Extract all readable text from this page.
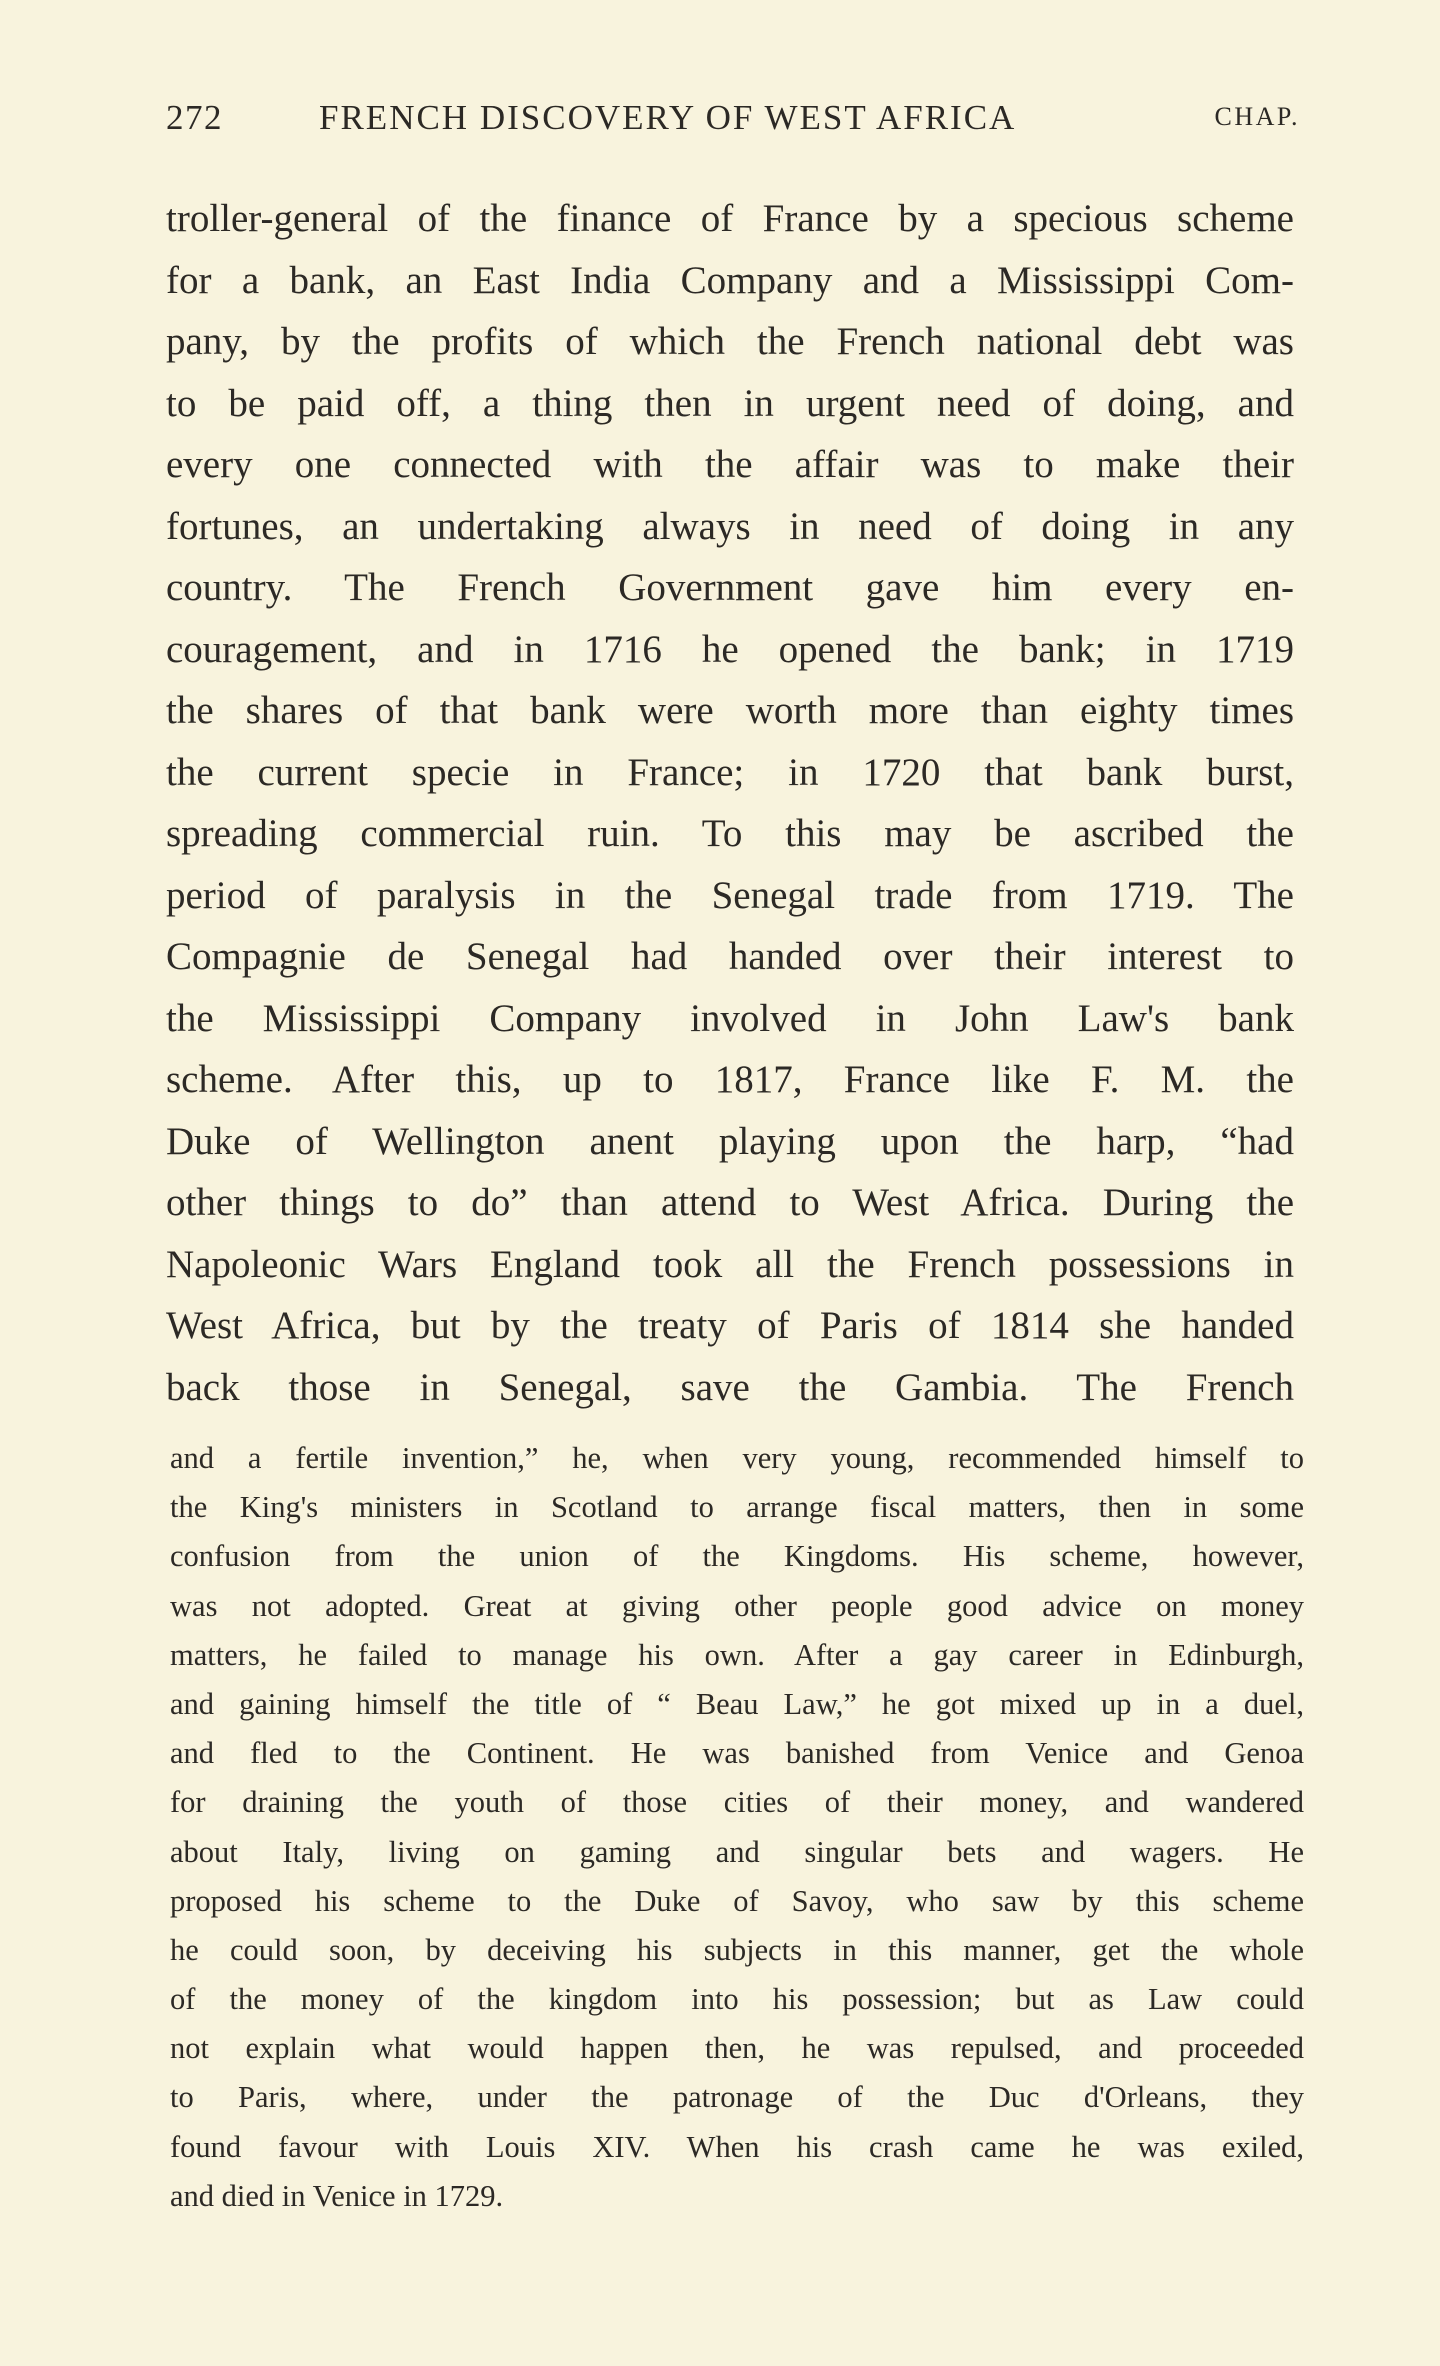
272	FRENCH DISCOVERY OF WEST AFRICA	CHAP.
troller-general of the finance of France by a specious scheme
for a bank, an East India Company and a Mississippi Com-
pany, by the profits of which the French national debt was
to be paid off, a thing then in urgent need of doing, and
every one connected with the affair was to make their
fortunes, an undertaking always in need of doing in any
country. The French Government gave him every en-
couragement, and in 1716 he opened the bank; in 1719
the shares of that bank were worth more than eighty times
the current specie in France; in 1720 that bank burst,
spreading commercial ruin. To this may be ascribed the
period of paralysis in the Senegal trade from 1719. The
Compagnie de Senegal had handed over their interest to
the Mississippi Company involved in John Law's bank
scheme. After this, up to 1817, France like F. M. the
Duke of Wellington anent playing upon the harp, “had
other things to do” than attend to West Africa. During the
Napoleonic Wars England took all the French possessions in
West Africa, but by the treaty of Paris of 1814 she handed
back those in Senegal, save the Gambia. The French
and a fertile invention,” he, when very young, recommended himself to
the King's ministers in Scotland to arrange fiscal matters, then in some
confusion from the union of the Kingdoms. His scheme, however,
was not adopted. Great at giving other people good advice on money
matters, he failed to manage his own. After a gay career in Edinburgh,
and gaining himself the title of “ Beau Law,” he got mixed up in a duel,
and fled to the Continent. He was banished from Venice and Genoa
for draining the youth of those cities of their money, and wandered
about Italy, living on gaming and singular bets and wagers. He
proposed his scheme to the Duke of Savoy, who saw by this scheme
he could soon, by deceiving his subjects in this manner, get the whole
of the money of the kingdom into his possession; but as Law could
not explain what would happen then, he was repulsed, and proceeded
to Paris, where, under the patronage of the Duc d'Orleans, they
found favour with Louis XIV. When his crash came he was exiled,
and died in Venice in 1729.
